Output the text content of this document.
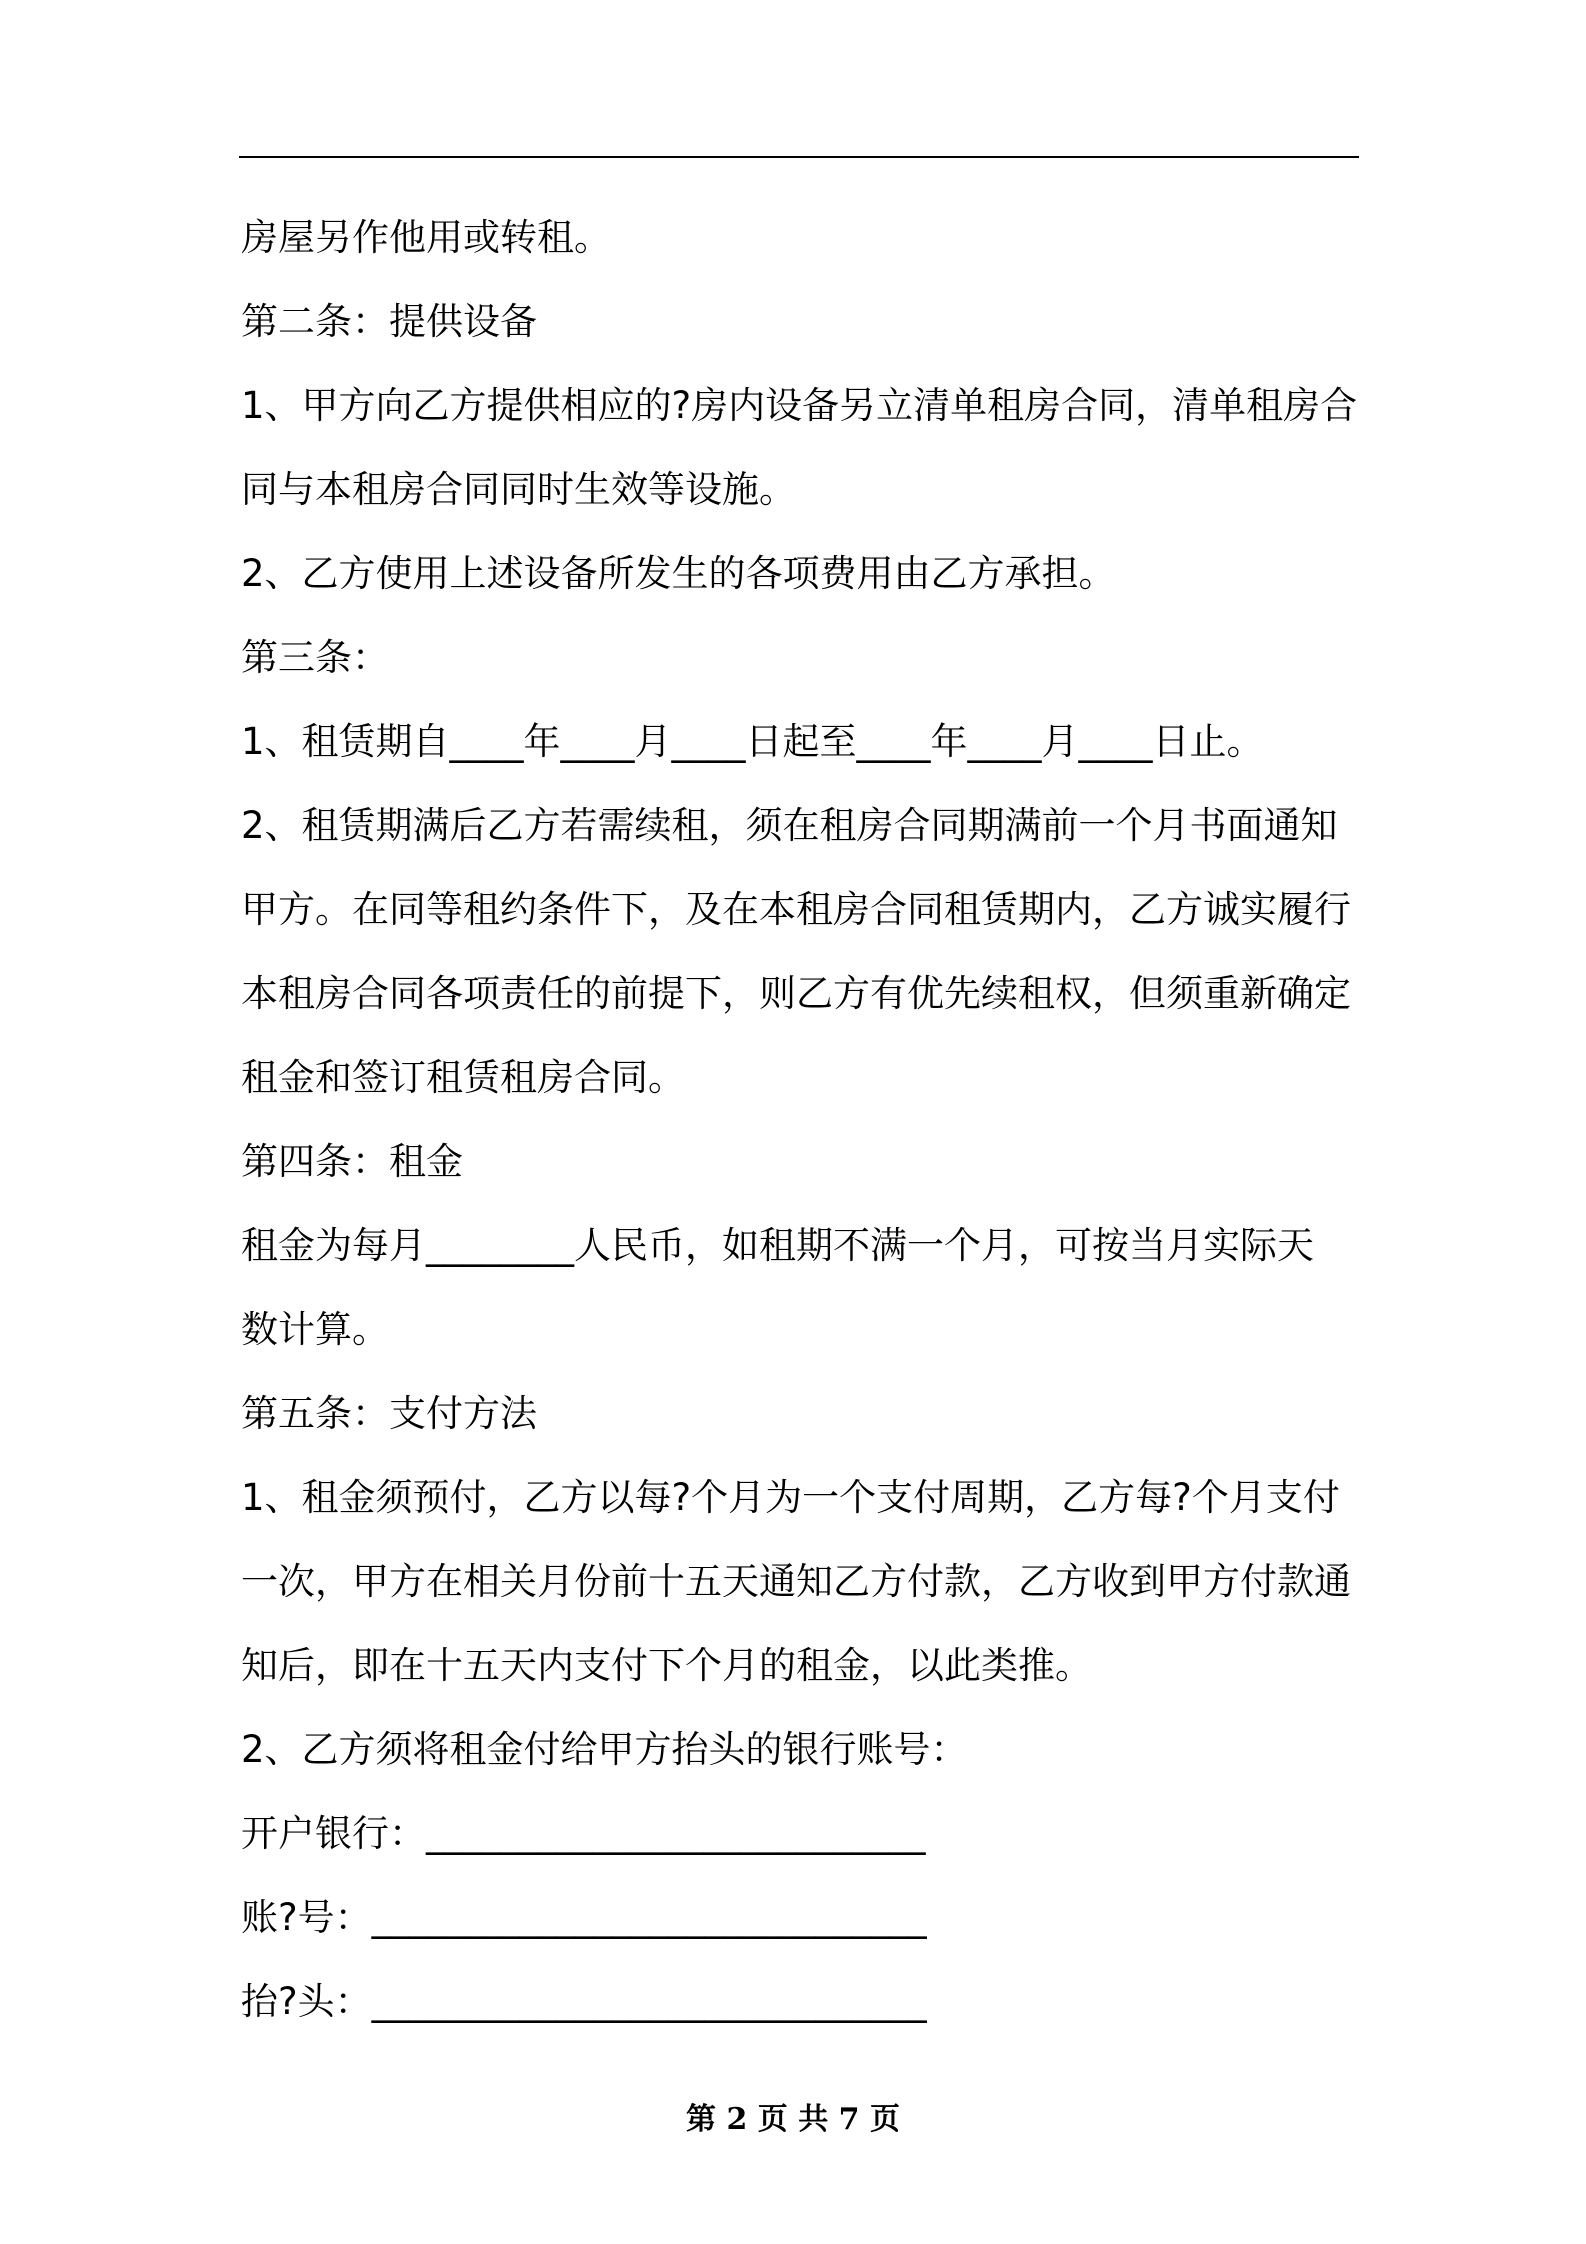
房屋另作他用或转租。
第二条：提供设备
1、甲方向乙方提供相应的?房内设备另立清单租房合同，清单租房合
同与本租房合同同时生效等设施。
2、乙方使用上述设备所发生的各项费用由乙方承担。
第三条：
1、租赁期自____年____月____日起至____年____月____日止。
2、租赁期满后乙方若需续租，须在租房合同期满前一个月书面通知
甲方。在同等租约条件下，及在本租房合同租赁期内，乙方诚实履行
本租房合同各项责任的前提下，则乙方有优先续租权，但须重新确定
租金和签订租赁租房合同。
第四条：租金
租金为每月________人民币，如租期不满一个月，可按当月实际天
数计算。
第五条：支付方法
1、租金须预付，乙方以每?个月为一个支付周期，乙方每?个月支付
一次，甲方在相关月份前十五天通知乙方付款，乙方收到甲方付款通
知后，即在十五天内支付下个月的租金，以此类推。
2、乙方须将租金付给甲方抬头的银行账号：
开户银行：___________________________
账?号：______________________________
抬?头：______________________________
第 2 页 共 7 页
